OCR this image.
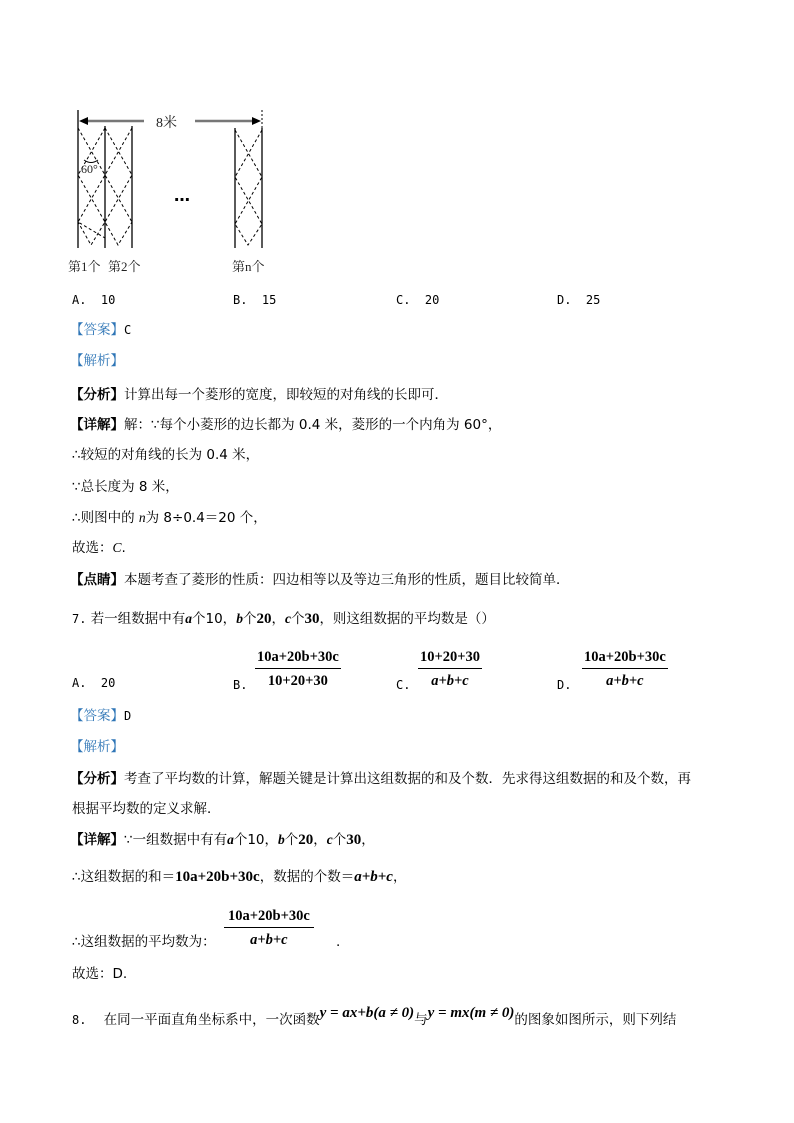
8米
60°
…
第1个 第2个	第n个
A. 10	B. 15	C. 20	D. 25
【答案】C
【解析】
【分析】计算出每一个菱形的宽度，即较短的对角线的长即可．
【详解】解：∵每个小菱形的边长都为 0.4 米，菱形的一个内角为 60°，
∴较短的对角线的长为 0.4 米，
∵总长度为 8 米，
∴则图中的 n为 8÷0.4＝20 个，
故选：C.
【点睛】本题考查了菱形的性质：四边相等以及等边三角形的性质，题目比较简单．
7. 若一组数据中有a个10，b个20，c个30，则这组数据的平均数是（）
A. 20	B.
10a+20b+30c
10+20+30	C.
10+20+30
a+b+c	D.
10a+20b+30c
a+b+c
【答案】D
【解析】
【分析】考查了平均数的计算，解题关键是计算出这组数据的和及个数．先求得这组数据的和及个数，再
根据平均数的定义求解．
【详解】∵一组数据中有有a个10，b个20，c个30，
∴这组数据的和＝10a+20b+30c，数据的个数＝a+b+c，
∴这组数据的平均数为：
10a+20b+30c
a+b+c	.
故选：D.
8. 在同一平面直角坐标系中，一次函数y = ax+b(a ≠ 0)与y = mx(m ≠ 0)的图象如图所示，则下列结
